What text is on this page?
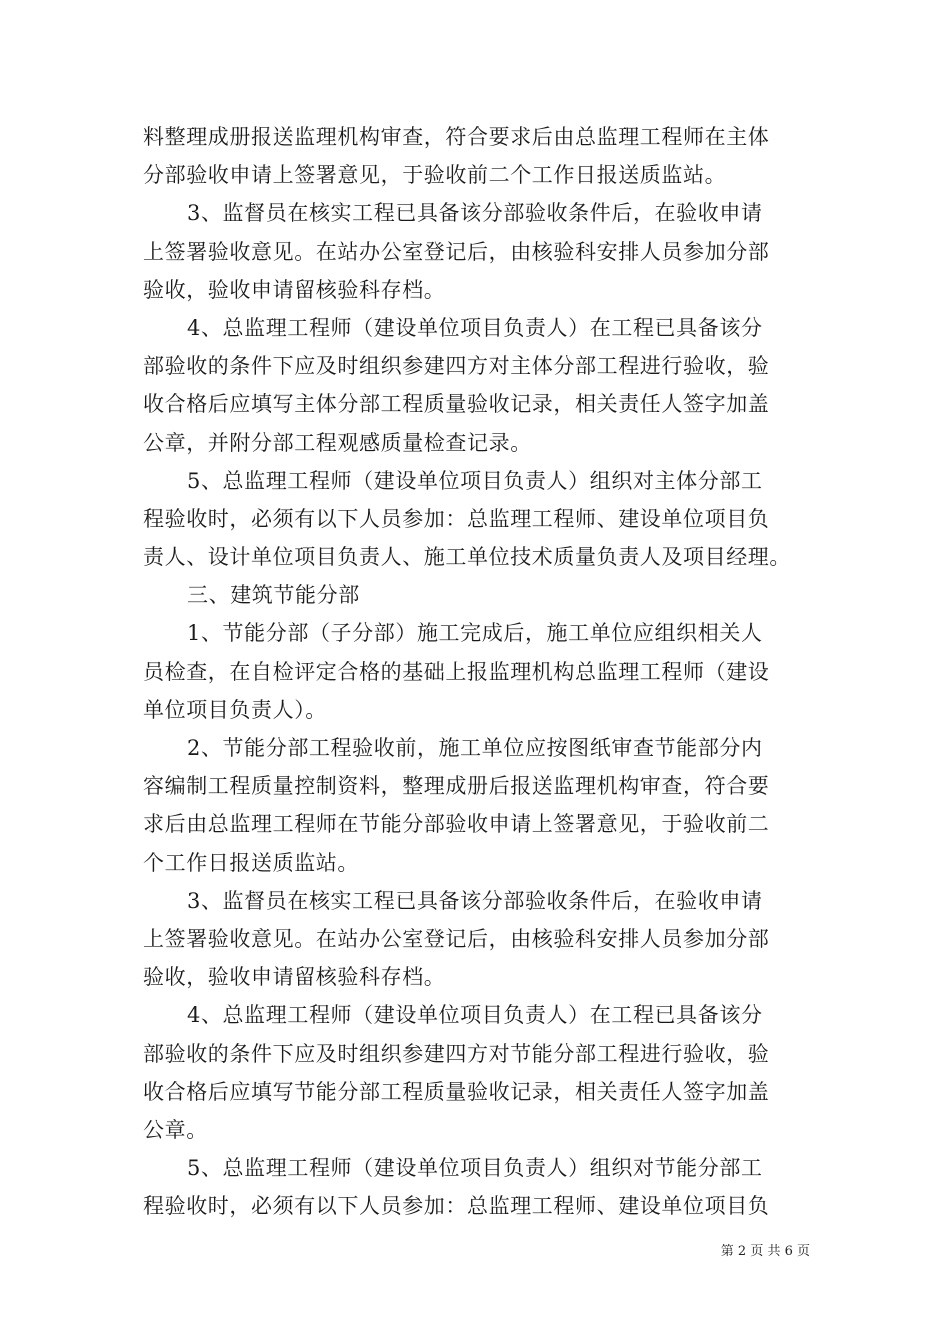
料整理成册报送监理机构审查，符合要求后由总监理工程师在主体
分部验收申请上签署意见，于验收前二个工作日报送质监站。
3、监督员在核实工程已具备该分部验收条件后，在验收申请
上签署验收意见。在站办公室登记后，由核验科安排人员参加分部
验收，验收申请留核验科存档。
4、总监理工程师（建设单位项目负责人）在工程已具备该分
部验收的条件下应及时组织参建四方对主体分部工程进行验收，验
收合格后应填写主体分部工程质量验收记录，相关责任人签字加盖
公章，并附分部工程观感质量检查记录。
5、总监理工程师（建设单位项目负责人）组织对主体分部工
程验收时，必须有以下人员参加：总监理工程师、建设单位项目负
责人、设计单位项目负责人、施工单位技术质量负责人及项目经理。
三、建筑节能分部
1、节能分部（子分部）施工完成后，施工单位应组织相关人
员检查，在自检评定合格的基础上报监理机构总监理工程师（建设
单位项目负责人）。
2、节能分部工程验收前，施工单位应按图纸审查节能部分内
容编制工程质量控制资料，整理成册后报送监理机构审查，符合要
求后由总监理工程师在节能分部验收申请上签署意见，于验收前二
个工作日报送质监站。
3、监督员在核实工程已具备该分部验收条件后，在验收申请
上签署验收意见。在站办公室登记后，由核验科安排人员参加分部
验收，验收申请留核验科存档。
4、总监理工程师（建设单位项目负责人）在工程已具备该分
部验收的条件下应及时组织参建四方对节能分部工程进行验收，验
收合格后应填写节能分部工程质量验收记录，相关责任人签字加盖
公章。
5、总监理工程师（建设单位项目负责人）组织对节能分部工
程验收时，必须有以下人员参加：总监理工程师、建设单位项目负
第 2 页 共 6 页
